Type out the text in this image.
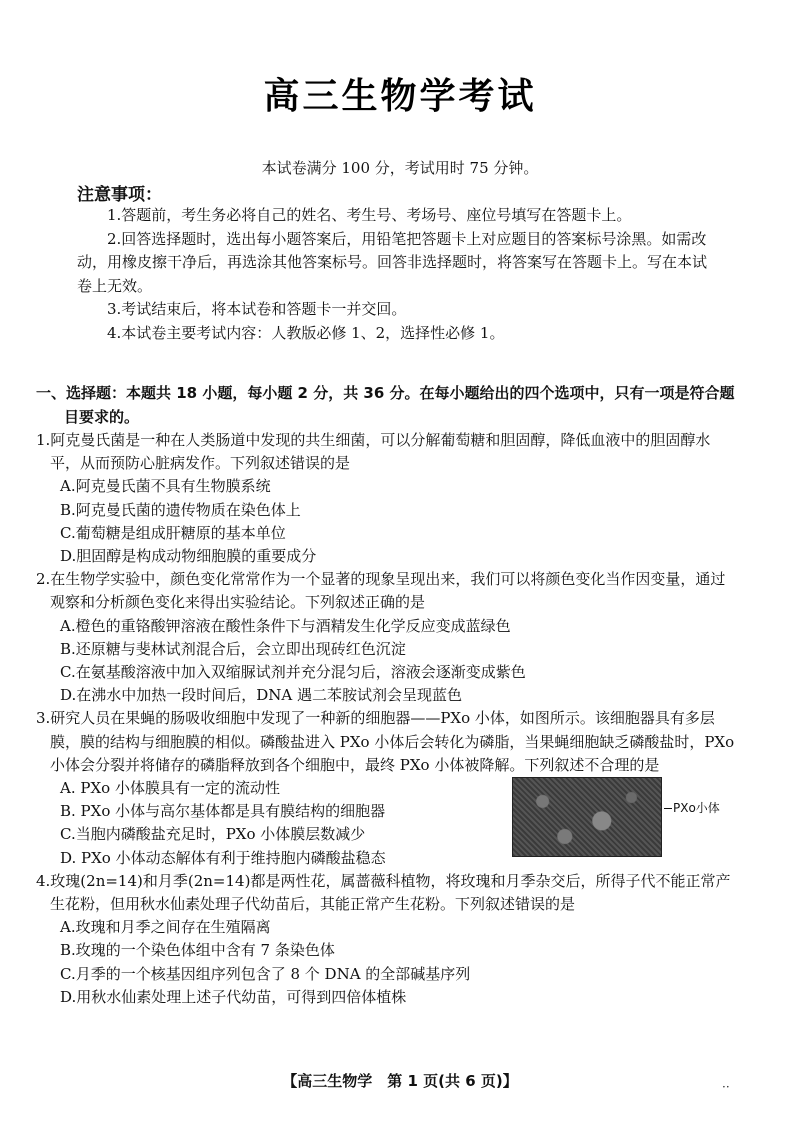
高三生物学考试
本试卷满分 100 分，考试用时 75 分钟。
注意事项：

1.答题前，考生务必将自己的姓名、考生号、考场号、座位号填写在答题卡上。

2.回答选择题时，选出每小题答案后，用铅笔把答题卡上对应题目的答案标号涂黑。如需改动，用橡皮擦干净后，再选涂其他答案标号。回答非选择题时，将答案写在答题卡上。写在本试卷上无效。

3.考试结束后，将本试卷和答题卡一并交回。

4.本试卷主要考试内容：人教版必修 1、2，选择性必修 1。

一、选择题：本题共 18 小题，每小题 2 分，共 36 分。在每小题给出的四个选项中，只有一项是符合题目要求的。
1.阿克曼氏菌是一种在人类肠道中发现的共生细菌，可以分解葡萄糖和胆固醇，降低血液中的胆固醇水平，从而预防心脏病发作。下列叙述错误的是
A.阿克曼氏菌不具有生物膜系统
B.阿克曼氏菌的遗传物质在染色体上
C.葡萄糖是组成肝糖原的基本单位
D.胆固醇是构成动物细胞膜的重要成分
2.在生物学实验中，颜色变化常常作为一个显著的现象呈现出来，我们可以将颜色变化当作因变量，通过观察和分析颜色变化来得出实验结论。下列叙述正确的是
A.橙色的重铬酸钾溶液在酸性条件下与酒精发生化学反应变成蓝绿色
B.还原糖与斐林试剂混合后，会立即出现砖红色沉淀
C.在氨基酸溶液中加入双缩脲试剂并充分混匀后，溶液会逐渐变成紫色
D.在沸水中加热一段时间后，DNA 遇二苯胺试剂会呈现蓝色
3.研究人员在果蝇的肠吸收细胞中发现了一种新的细胞器——PXo 小体，如图所示。该细胞器具有多层膜，膜的结构与细胞膜的相似。磷酸盐进入 PXo 小体后会转化为磷脂，当果蝇细胞缺乏磷酸盐时，PXo 小体会分裂并将储存的磷脂释放到各个细胞中，最终 PXo 小体被降解。下列叙述不合理的是
A. PXo 小体膜具有一定的流动性
B. PXo 小体与高尔基体都是具有膜结构的细胞器
C.当胞内磷酸盐充足时，PXo 小体膜层数减少
D. PXo 小体动态解体有利于维持胞内磷酸盐稳态
PXo小体
4.玫瑰(2n=14)和月季(2n=14)都是两性花，属蔷薇科植物，将玫瑰和月季杂交后，所得子代不能正常产生花粉，但用秋水仙素处理子代幼苗后，其能正常产生花粉。下列叙述错误的是
A.玫瑰和月季之间存在生殖隔离
B.玫瑰的一个染色体组中含有 7 条染色体
C.月季的一个核基因组序列包含了 8 个 DNA 的全部碱基序列
D.用秋水仙素处理上述子代幼苗，可得到四倍体植株
【高三生物学　第 1 页(共 6 页)】	··
